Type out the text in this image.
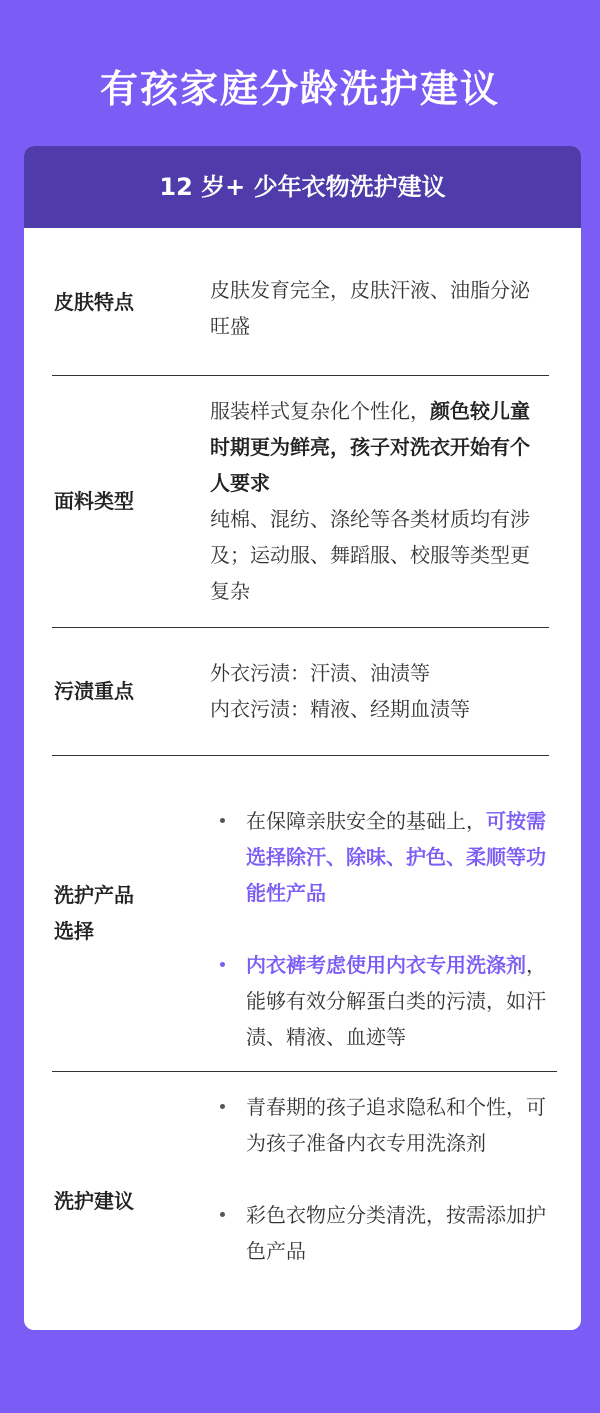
有孩家庭分龄洗护建议
12 岁+ 少年衣物洗护建议
皮肤特点	皮肤发育完全，皮肤汗液、油脂分泌旺盛
面料类型
服装样式复杂化个性化，颜色较儿童时期更为鲜亮，孩子对洗衣开始有个人要求
纯棉、混纺、涤纶等各类材质均有涉及；运动服、舞蹈服、校服等类型更复杂
污渍重点
外衣污渍：汗渍、油渍等
内衣污渍：精液、经期血渍等
洗护产品
选择
在保障亲肤安全的基础上，可按需选择除汗、除味、护色、柔顺等功能性产品
内衣裤考虑使用内衣专用洗涤剂，能够有效分解蛋白类的污渍，如汗渍、精液、血迹等
洗护建议
青春期的孩子追求隐私和个性，可为孩子准备内衣专用洗涤剂
彩色衣物应分类清洗，按需添加护色产品
